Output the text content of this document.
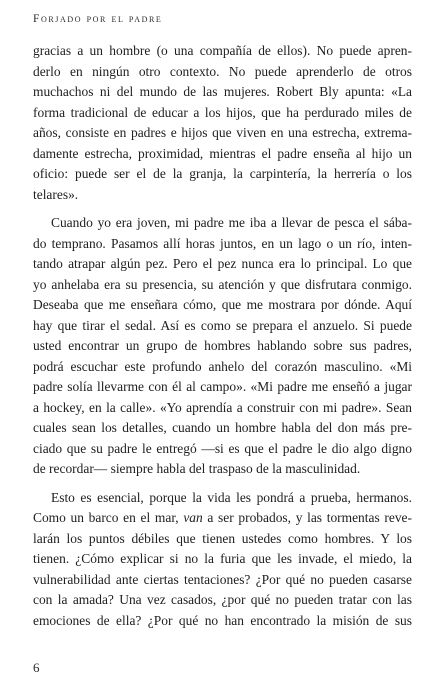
Forjado por el padre

gracias a un hombre (o una compañía de ellos). No puede apren-
derlo en ningún otro contexto. No puede aprenderlo de otros
muchachos ni del mundo de las mujeres. Robert Bly apunta: «La
forma tradicional de educar a los hijos, que ha perdurado miles de
años, consiste en padres e hijos que viven en una estrecha, extrema-
damente estrecha, proximidad, mientras el padre enseña al hijo un
oficio: puede ser el de la granja, la carpintería, la herrería o los
telares».

Cuando yo era joven, mi padre me iba a llevar de pesca el sába-
do temprano. Pasamos allí horas juntos, en un lago o un río, inten-
tando atrapar algún pez. Pero el pez nunca era lo principal. Lo que
yo anhelaba era su presencia, su atención y que disfrutara conmigo.
Deseaba que me enseñara cómo, que me mostrara por dónde. Aquí
hay que tirar el sedal. Así es como se prepara el anzuelo. Si puede
usted encontrar un grupo de hombres hablando sobre sus padres,
podrá escuchar este profundo anhelo del corazón masculino. «Mi
padre solía llevarme con él al campo». «Mi padre me enseñó a jugar
a hockey, en la calle». «Yo aprendía a construir con mi padre». Sean
cuales sean los detalles, cuando un hombre habla del don más pre-
ciado que su padre le entregó —si es que el padre le dio algo digno
de recordar— siempre habla del traspaso de la masculinidad.

Esto es esencial, porque la vida les pondrá a prueba, hermanos.
Como un barco en el mar, van a ser probados, y las tormentas reve-
larán los puntos débiles que tienen ustedes como hombres. Y los
tienen. ¿Cómo explicar si no la furia que les invade, el miedo, la
vulnerabilidad ante ciertas tentaciones? ¿Por qué no pueden casarse
con la amada? Una vez casados, ¿por qué no pueden tratar con las
emociones de ella? ¿Por qué no han encontrado la misión de sus

6
